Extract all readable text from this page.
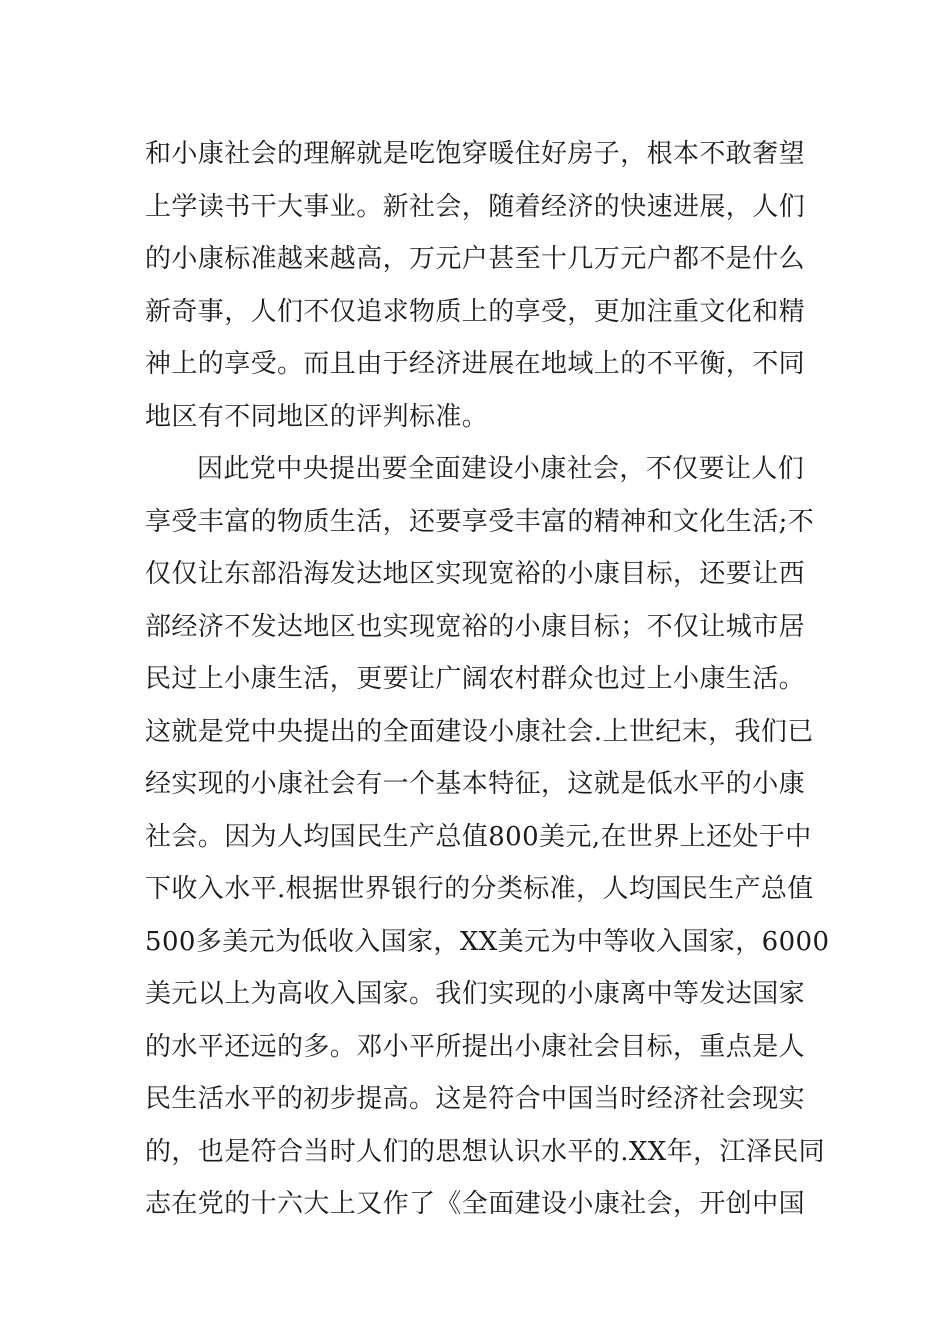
和小康社会的理解就是吃饱穿暖住好房子，根本不敢奢望
上学读书干大事业。新社会，随着经济的快速进展，人们
的小康标准越来越高，万元户甚至十几万元户都不是什么
新奇事，人们不仅追求物质上的享受，更加注重文化和精
神上的享受。而且由于经济进展在地域上的不平衡，不同
地区有不同地区的评判标准。
因此党中央提出要全面建设小康社会，不仅要让人们
享受丰富的物质生活，还要享受丰富的精神和文化生活;不
仅仅让东部沿海发达地区实现宽裕的小康目标，还要让西
部经济不发达地区也实现宽裕的小康目标；不仅让城市居
民过上小康生活，更要让广阔农村群众也过上小康生活。
这就是党中央提出的全面建设小康社会.上世纪末，我们已
经实现的小康社会有一个基本特征，这就是低水平的小康
社会。因为人均国民生产总值800美元,在世界上还处于中
下收入水平.根据世界银行的分类标准，人均国民生产总值
500多美元为低收入国家，XX美元为中等收入国家，6000
美元以上为高收入国家。我们实现的小康离中等发达国家
的水平还远的多。邓小平所提出小康社会目标，重点是人
民生活水平的初步提高。这是符合中国当时经济社会现实
的，也是符合当时人们的思想认识水平的.XX年，江泽民同
志在党的十六大上又作了《全面建设小康社会，开创中国
